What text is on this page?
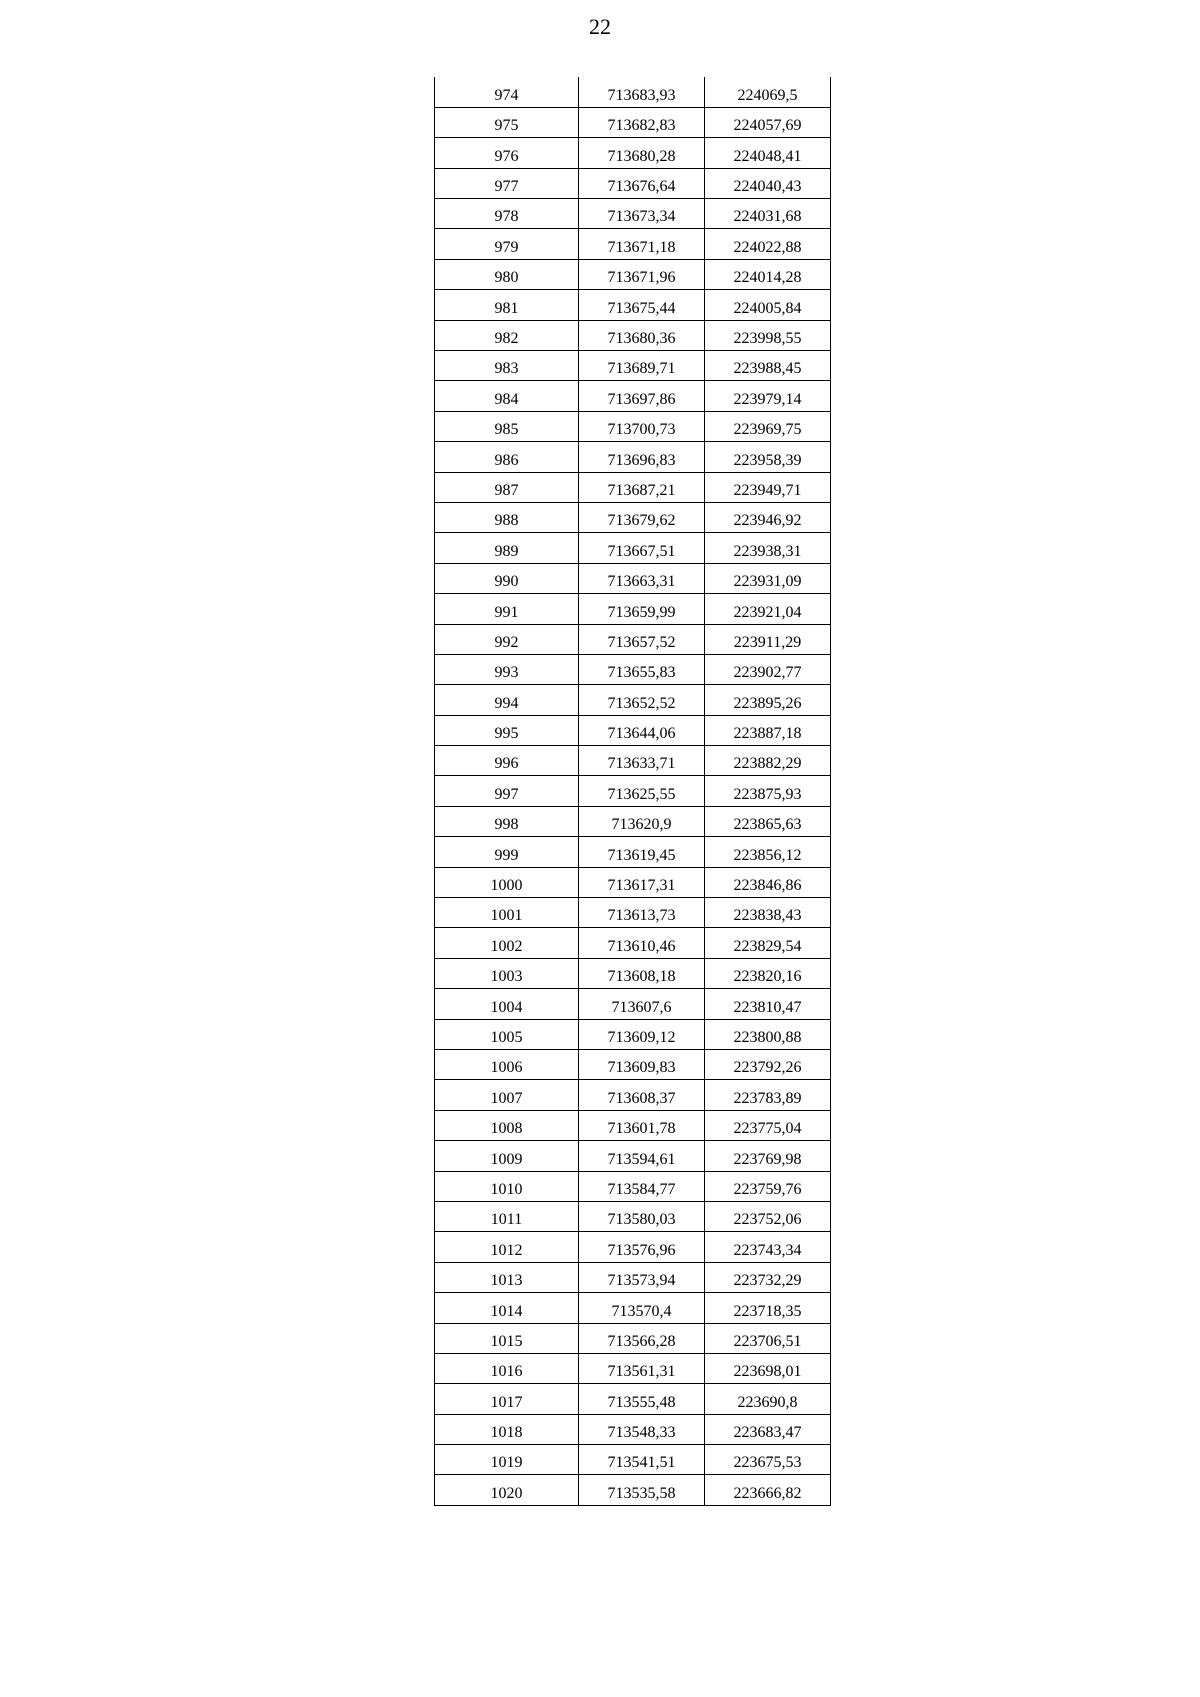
22
974	713683,93	224069,5
975	713682,83	224057,69
976	713680,28	224048,41
977	713676,64	224040,43
978	713673,34	224031,68
979	713671,18	224022,88
980	713671,96	224014,28
981	713675,44	224005,84
982	713680,36	223998,55
983	713689,71	223988,45
984	713697,86	223979,14
985	713700,73	223969,75
986	713696,83	223958,39
987	713687,21	223949,71
988	713679,62	223946,92
989	713667,51	223938,31
990	713663,31	223931,09
991	713659,99	223921,04
992	713657,52	223911,29
993	713655,83	223902,77
994	713652,52	223895,26
995	713644,06	223887,18
996	713633,71	223882,29
997	713625,55	223875,93
998	713620,9	223865,63
999	713619,45	223856,12
1000	713617,31	223846,86
1001	713613,73	223838,43
1002	713610,46	223829,54
1003	713608,18	223820,16
1004	713607,6	223810,47
1005	713609,12	223800,88
1006	713609,83	223792,26
1007	713608,37	223783,89
1008	713601,78	223775,04
1009	713594,61	223769,98
1010	713584,77	223759,76
1011	713580,03	223752,06
1012	713576,96	223743,34
1013	713573,94	223732,29
1014	713570,4	223718,35
1015	713566,28	223706,51
1016	713561,31	223698,01
1017	713555,48	223690,8
1018	713548,33	223683,47
1019	713541,51	223675,53
1020	713535,58	223666,82
